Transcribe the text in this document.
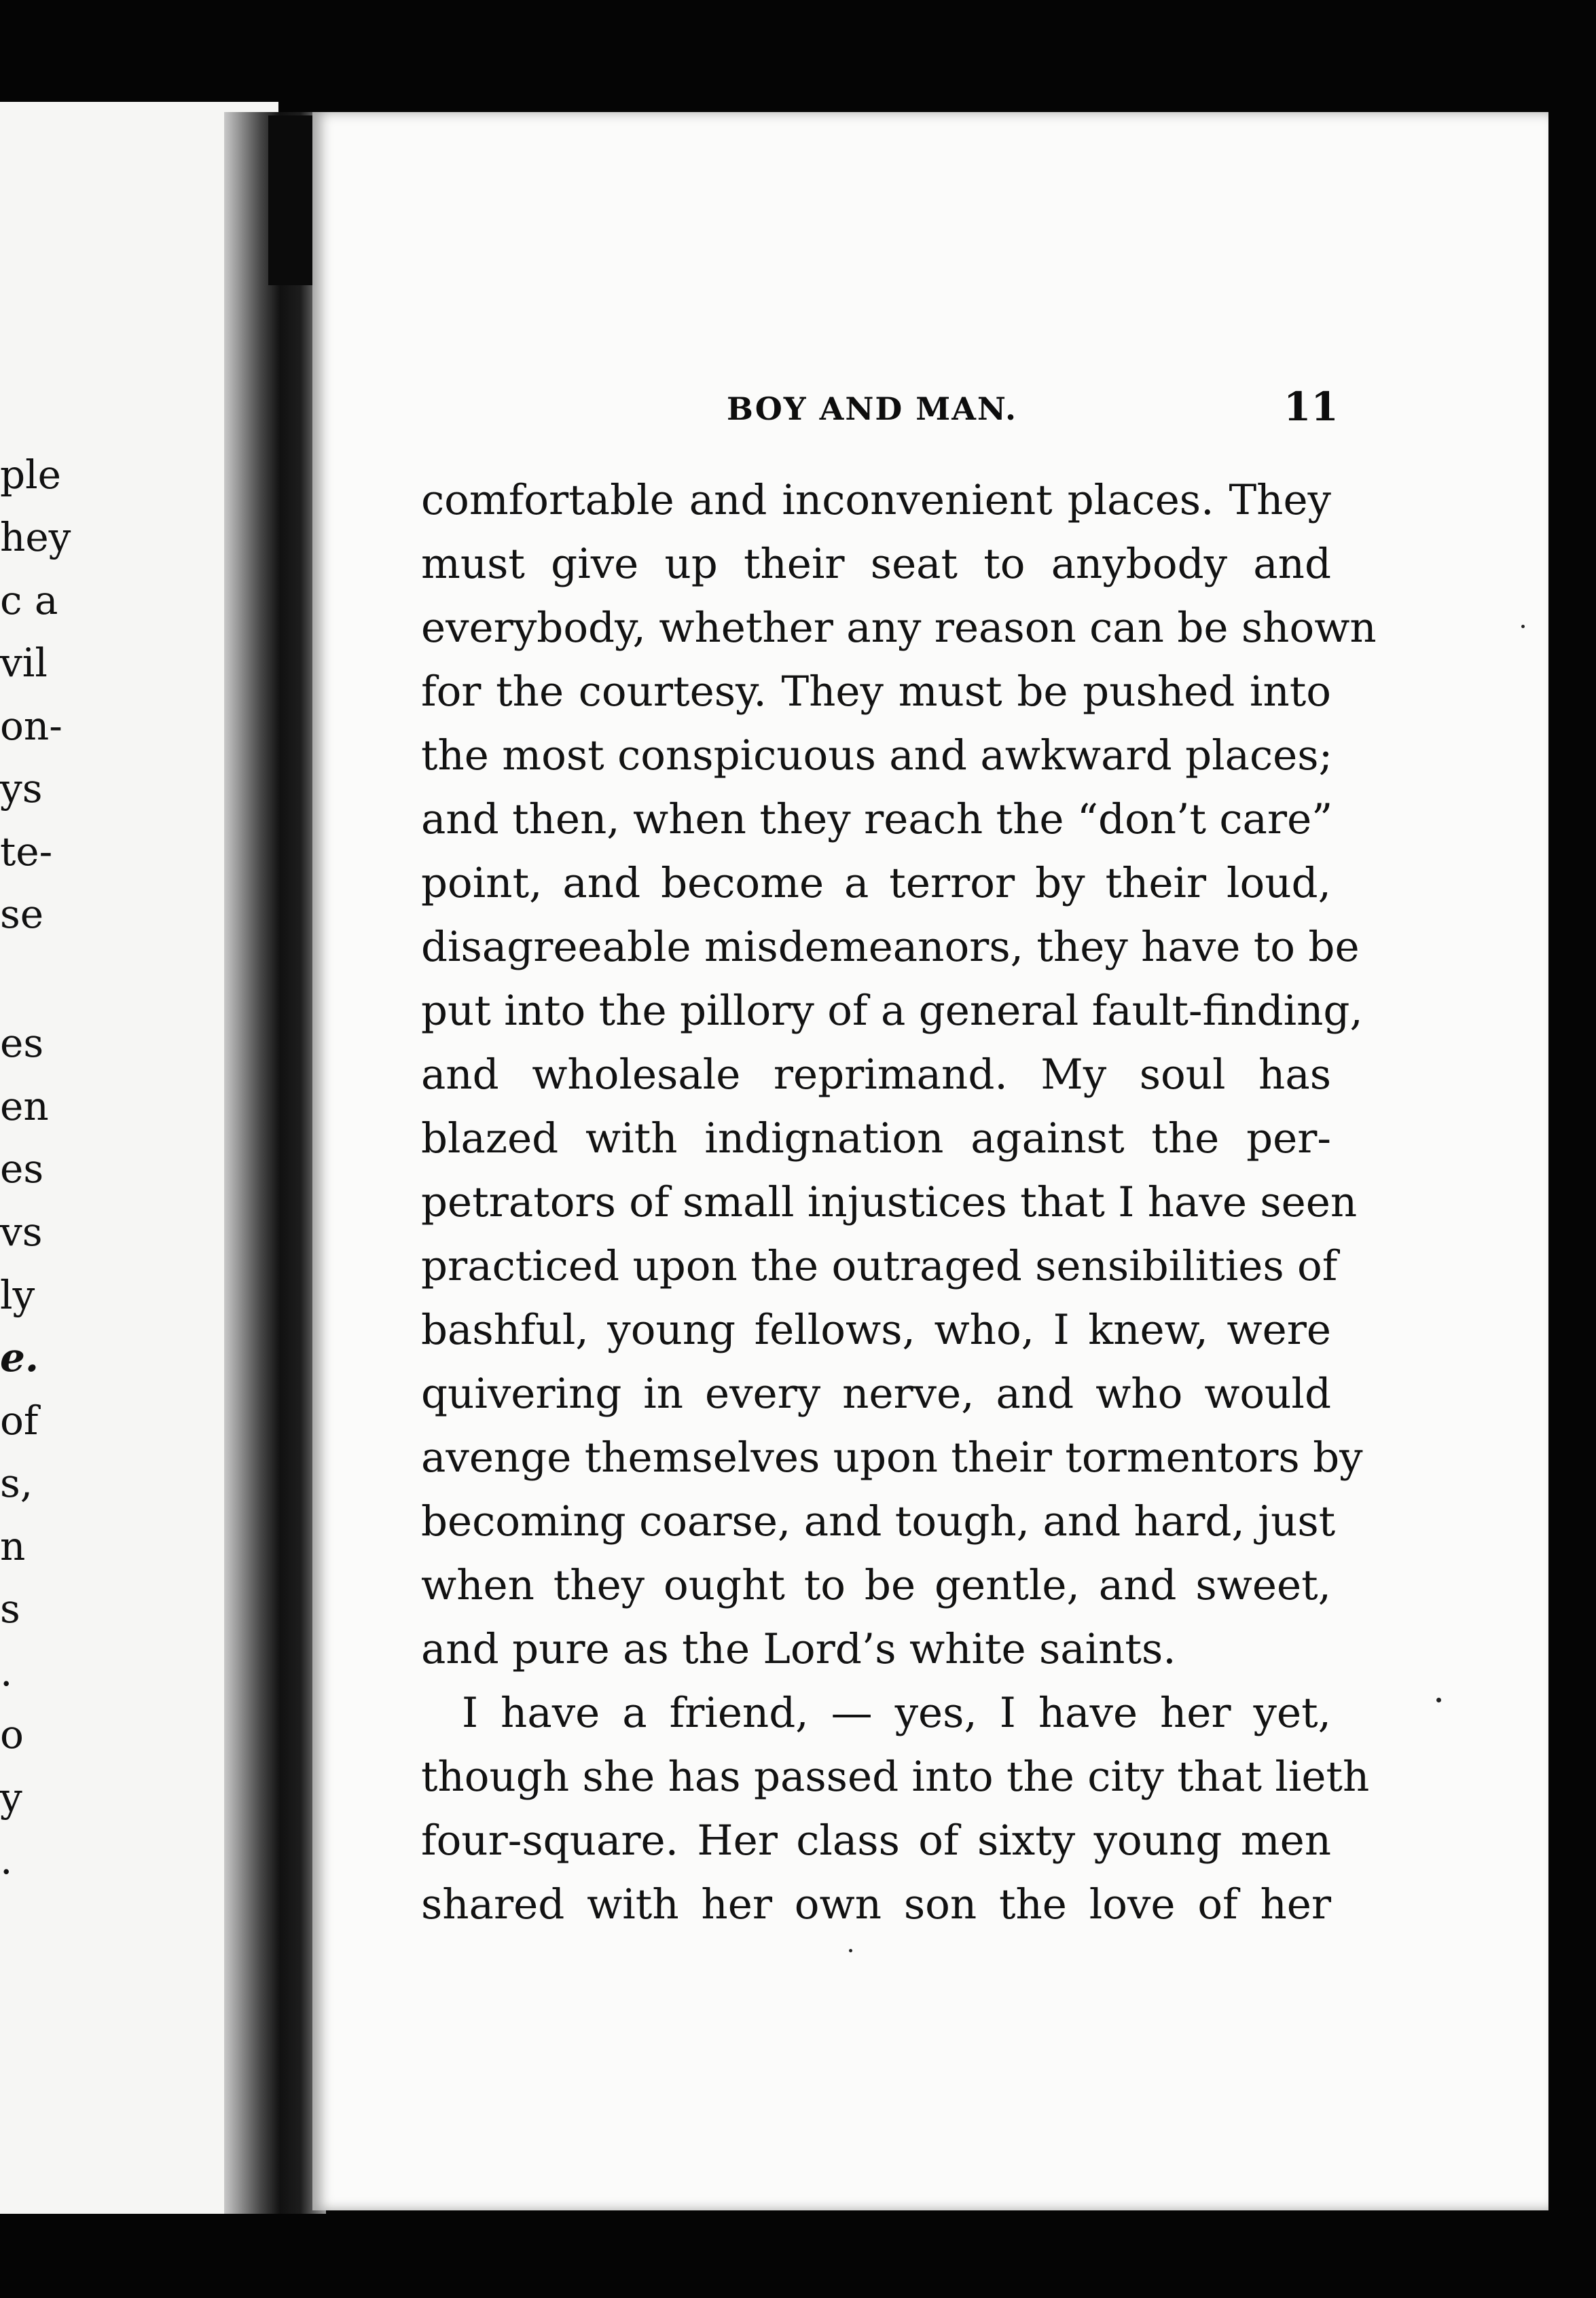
ple
hey
c a
vil
on-
ys
te-
se
es
en
es
vs
ly
e.
of
s,
n
s
.
o
y
.
BOY AND MAN.	11
comfortable and inconvenient places. They
must give up their seat to anybody and
everybody, whether any reason can be shown
for the courtesy. They must be pushed into
the most conspicuous and awkward places;
and then, when they reach the “don’t care”
point, and become a terror by their loud,
disagreeable misdemeanors, they have to be
put into the pillory of a general fault-finding,
and wholesale reprimand. My soul has
blazed with indignation against the per-
petrators of small injustices that I have seen
practiced upon the outraged sensibilities of
bashful, young fellows, who, I knew, were
quivering in every nerve, and who would
avenge themselves upon their tormentors by
becoming coarse, and tough, and hard, just
when they ought to be gentle, and sweet,
and pure as the Lord’s white saints.
I have a friend, — yes, I have her yet,
though she has passed into the city that lieth
four-square. Her class of sixty young men
shared with her own son the love of her
